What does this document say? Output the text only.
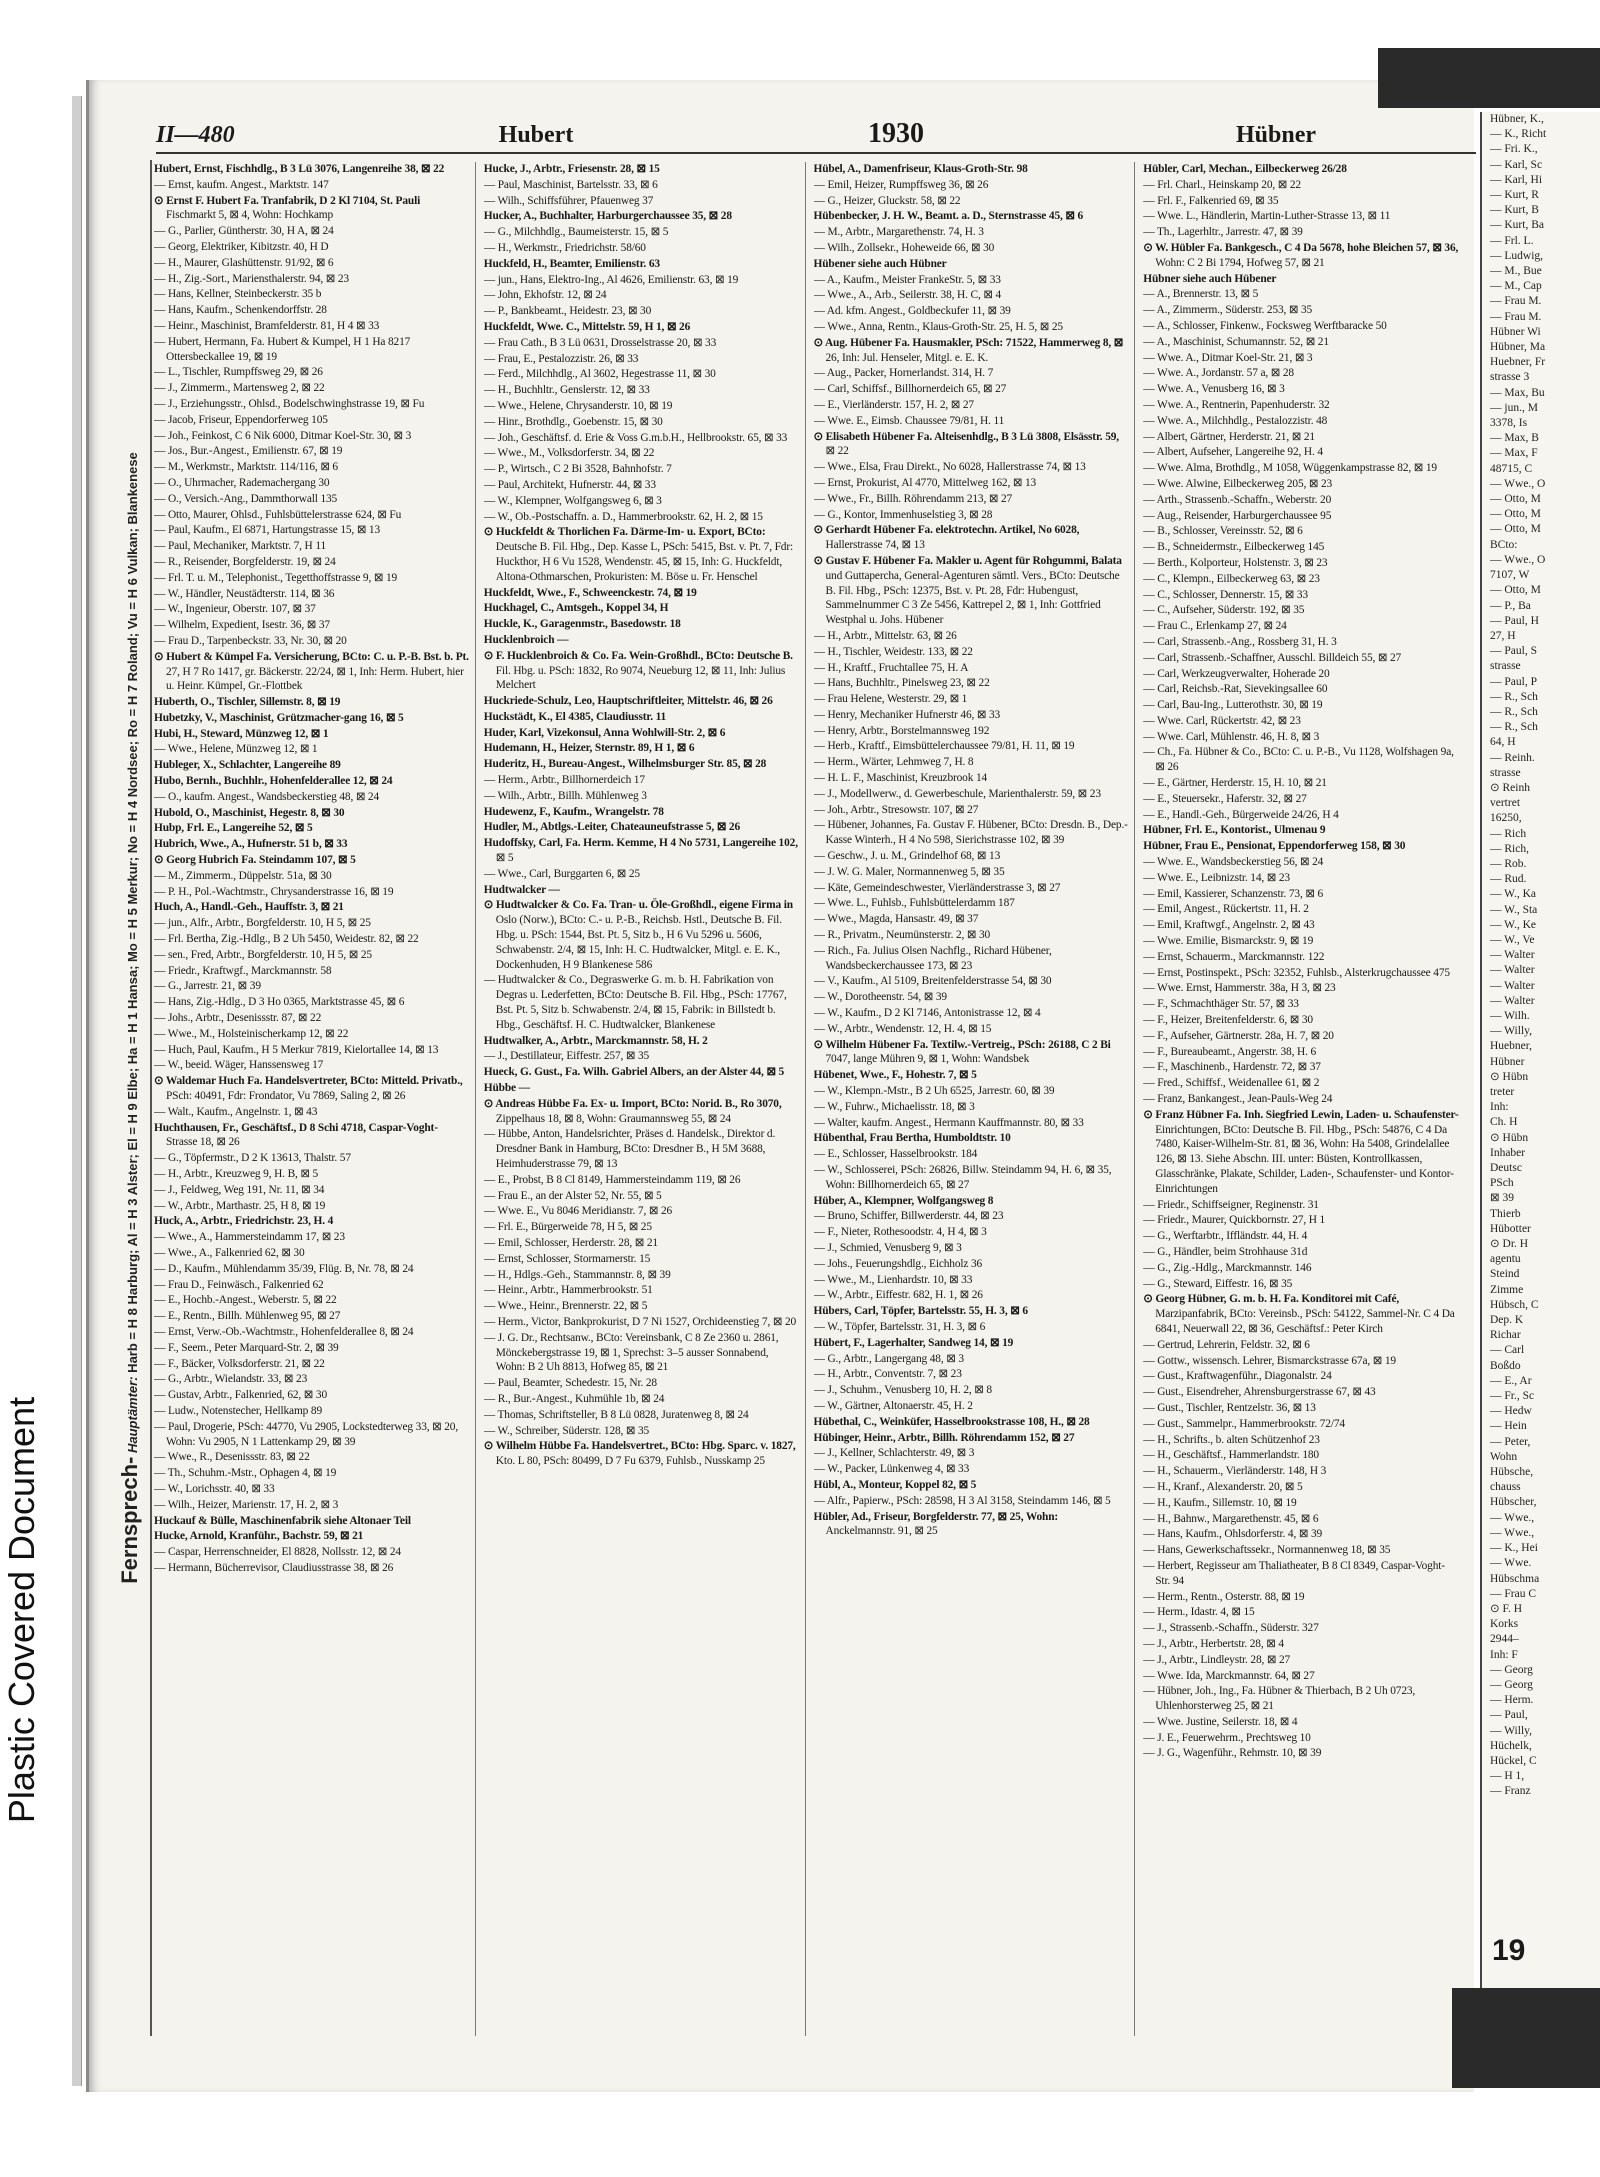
Plastic Covered Document
Hübner, K.,
— K., Richt
— Fri. K.,
— Karl, Sc
— Karl, Hi
— Kurt, R
— Kurt, B
— Kurt, Ba
— Frl. L.
— Ludwig,
— M., Bue
— M., Cap
— Frau M.
— Frau M.
Hübner Wi
Hübner, Ma
Huebner, Fr
strasse 3
— Max, Bu
— jun., M
3378, Is
— Max, B
— Max, F
48715, C
— Wwe., O
— Otto, M
— Otto, M
— Otto, M
BCto:
— Wwe., O
7107, W
— Otto, M
— P., Ba
— Paul, H
27, H
— Paul, S
strasse
— Paul, P
— R., Sch
— R., Sch
— R., Sch
64, H
— Reinh.
strasse
⊙ Reinh
vertret
16250,
— Rich
— Rich,
— Rob.
— Rud.
— W., Ka
— W., Sta
— W., Ke
— W., Ve
— Walter
— Walter
— Walter
— Walter
— Wilh.
— Willy,
Huebner,
Hübner
⊙ Hübn
treter
Inh:
Ch. H
⊙ Hübn
Inhaber
Deutsc
PSch
⊠ 39
Thierb
Hübotter
⊙ Dr. H
agentu
Steind
Zimme
Hübsch, C
Dep. K
Richar
— Carl
Boßdo
— E., Ar
— Fr., Sc
— Hedw
— Hein
— Peter,
Wohn
Hübsche,
chauss
Hübscher,
— Wwe.,
— Wwe.,
— K., Hei
— Wwe.
Hübschma
— Frau C
⊙ F. H
Korks
2944–
Inh: F
— Georg
— Georg
— Herm.
— Paul,
— Willy,
Hüchelk,
Hückel, C
— H 1,
— Franz
19
II—480	Hubert	1930	Hübner
Fernsprech- Hauptämter: Harb = H 8 Harburg; Al = H 3 Alster; El = H 9 Elbe; Ha = H 1 Hansa; Mo = H 5 Merkur; No = H 4 Nordsee; Ro = H 7 Roland; Vu = H 6 Vulkan; Blankenese
Hubert, Ernst, Fischhdlg., B 3 Lü 3076, Langenreihe 38, ⊠ 22
— Ernst, kaufm. Angest., Marktstr. 147
⊙ Ernst F. Hubert Fa. Tranfabrik, D 2 Kl 7104, St. Pauli Fischmarkt 5, ⊠ 4, Wohn: Hochkamp
— G., Parlier, Güntherstr. 30, H A, ⊠ 24
— Georg, Elektriker, Kibitzstr. 40, H D
— H., Maurer, Glashüttenstr. 91/92, ⊠ 6
— H., Zig.-Sort., Mariensthalerstr. 94, ⊠ 23
— Hans, Kellner, Steinbeckerstr. 35 b
— Hans, Kaufm., Schenkendorffstr. 28
— Heinr., Maschinist, Bramfelderstr. 81, H 4 ⊠ 33
— Hubert, Hermann, Fa. Hubert & Kumpel, H 1 Ha 8217 Ottersbeckallee 19, ⊠ 19
— L., Tischler, Rumpffsweg 29, ⊠ 26
— J., Zimmerm., Martensweg 2, ⊠ 22
— J., Erziehungsstr., Ohlsd., Bodelschwinghstrasse 19, ⊠ Fu
— Jacob, Friseur, Eppendorferweg 105
— Joh., Feinkost, C 6 Nik 6000, Ditmar Koel-Str. 30, ⊠ 3
— Jos., Bur.-Angest., Emilienstr. 67, ⊠ 19
— M., Werkmstr., Marktstr. 114/116, ⊠ 6
— O., Uhrmacher, Rademachergang 30
— O., Versich.-Ang., Dammthorwall 135
— Otto, Maurer, Ohlsd., Fuhlsbüttelerstrasse 624, ⊠ Fu
— Paul, Kaufm., El 6871, Hartungstrasse 15, ⊠ 13
— Paul, Mechaniker, Marktstr. 7, H 11
— R., Reisender, Borgfelderstr. 19, ⊠ 24
— Frl. T. u. M., Telephonist., Tegetthoffstrasse 9, ⊠ 19
— W., Händler, Neustädterstr. 114, ⊠ 36
— W., Ingenieur, Oberstr. 107, ⊠ 37
— Wilhelm, Expedient, Isestr. 36, ⊠ 37
— Frau D., Tarpenbeckstr. 33, Nr. 30, ⊠ 20
⊙ Hubert & Kümpel Fa. Versicherung, BCto: C. u. P.-B. Bst. b. Pt. 27, H 7 Ro 1417, gr. Bäckerstr. 22/24, ⊠ 1, Inh: Herm. Hubert, hier u. Heinr. Kümpel, Gr.-Flottbek
Huberth, O., Tischler, Sillemstr. 8, ⊠ 19
Hubetzky, V., Maschinist, Grützmacher-gang 16, ⊠ 5
Hubi, H., Steward, Münzweg 12, ⊠ 1
— Wwe., Helene, Münzweg 12, ⊠ 1
Hubleger, X., Schlachter, Langereihe 89
Hubo, Bernh., Buchhlr., Hohenfelderallee 12, ⊠ 24
— O., kaufm. Angest., Wandsbeckerstieg 48, ⊠ 24
Hubold, O., Maschinist, Hegestr. 8, ⊠ 30
Hubp, Frl. E., Langereihe 52, ⊠ 5
Hubrich, Wwe., A., Hufnerstr. 51 b, ⊠ 33
⊙ Georg Hubrich Fa. Steindamm 107, ⊠ 5
— M., Zimmerm., Düppelstr. 51a, ⊠ 30
— P. H., Pol.-Wachtmstr., Chrysanderstrasse 16, ⊠ 19
Huch, A., Handl.-Geh., Hauffstr. 3, ⊠ 21
— jun., Alfr., Arbtr., Borgfelderstr. 10, H 5, ⊠ 25
— Frl. Bertha, Zig.-Hdlg., B 2 Uh 5450, Weidestr. 82, ⊠ 22
— sen., Fred, Arbtr., Borgfelderstr. 10, H 5, ⊠ 25
— Friedr., Kraftwgf., Marckmannstr. 58
— G., Jarrestr. 21, ⊠ 39
— Hans, Zig.-Hdlg., D 3 Ho 0365, Marktstrasse 45, ⊠ 6
— Johs., Arbtr., Desenissstr. 87, ⊠ 22
— Wwe., M., Holsteinischerkamp 12, ⊠ 22
— Huch, Paul, Kaufm., H 5 Merkur 7819, Kielortallee 14, ⊠ 13
— W., beeid. Wäger, Hanssensweg 17
⊙ Waldemar Huch Fa. Handelsvertreter, BCto: Mitteld. Privatb., PSch: 40491, Fdr: Frondator, Vu 7869, Saling 2, ⊠ 26
— Walt., Kaufm., Angelnstr. 1, ⊠ 43
Huchthausen, Fr., Geschäftsf., D 8 Schi 4718, Caspar-Voght-Strasse 18, ⊠ 26
— G., Töpfermstr., D 2 K 13613, Thalstr. 57
— H., Arbtr., Kreuzweg 9, H. B, ⊠ 5
— J., Feldweg, Weg 191, Nr. 11, ⊠ 34
— W., Arbtr., Marthastr. 25, H 8, ⊠ 19
Huck, A., Arbtr., Friedrichstr. 23, H. 4
— Wwe., A., Hammersteindamm 17, ⊠ 23
— Wwe., A., Falkenried 62, ⊠ 30
— D., Kaufm., Mühlendamm 35/39, Flüg. B, Nr. 78, ⊠ 24
— Frau D., Feinwäsch., Falkenried 62
— E., Hochb.-Angest., Weberstr. 5, ⊠ 22
— E., Rentn., Billh. Mühlenweg 95, ⊠ 27
— Ernst, Verw.-Ob.-Wachtmstr., Hohenfelderallee 8, ⊠ 24
— F., Seem., Peter Marquard-Str. 2, ⊠ 39
— F., Bäcker, Volksdorferstr. 21, ⊠ 22
— G., Arbtr., Wielandstr. 33, ⊠ 23
— Gustav, Arbtr., Falkenried, 62, ⊠ 30
— Ludw., Notenstecher, Hellkamp 89
— Paul, Drogerie, PSch: 44770, Vu 2905, Lockstedterweg 33, ⊠ 20, Wohn: Vu 2905, N 1 Lattenkamp 29, ⊠ 39
— Wwe., R., Desenissstr. 83, ⊠ 22
— Th., Schuhm.-Mstr., Ophagen 4, ⊠ 19
— W., Lorichsstr. 40, ⊠ 33
— Wilh., Heizer, Marienstr. 17, H. 2, ⊠ 3
Huckauf & Bülle, Maschinenfabrik siehe Altonaer Teil
Hucke, Arnold, Kranführ., Bachstr. 59, ⊠ 21
— Caspar, Herrenschneider, El 8828, Nollsstr. 12, ⊠ 24
— Hermann, Bücherrevisor, Claudiusstrasse 38, ⊠ 26
Hucke, J., Arbtr., Friesenstr. 28, ⊠ 15
— Paul, Maschinist, Bartelsstr. 33, ⊠ 6
— Wilh., Schiffsführer, Pfauenweg 37
Hucker, A., Buchhalter, Harburgerchaussee 35, ⊠ 28
— G., Milchhdlg., Baumeisterstr. 15, ⊠ 5
— H., Werkmstr., Friedrichstr. 58/60
Huckfeld, H., Beamter, Emilienstr. 63
— jun., Hans, Elektro-Ing., Al 4626, Emilienstr. 63, ⊠ 19
— John, Ekhofstr. 12, ⊠ 24
— P., Bankbeamt., Heidestr. 23, ⊠ 30
Huckfeldt, Wwe. C., Mittelstr. 59, H 1, ⊠ 26
— Frau Cath., B 3 Lü 0631, Drosselstrasse 20, ⊠ 33
— Frau, E., Pestalozzistr. 26, ⊠ 33
— Ferd., Milchhdlg., Al 3602, Hegestrasse 11, ⊠ 30
— H., Buchhltr., Genslerstr. 12, ⊠ 33
— Wwe., Helene, Chrysanderstr. 10, ⊠ 19
— Hinr., Brothdlg., Goebenstr. 15, ⊠ 30
— Joh., Geschäftsf. d. Erie & Voss G.m.b.H., Hellbrookstr. 65, ⊠ 33
— Wwe., M., Volksdorferstr. 34, ⊠ 22
— P., Wirtsch., C 2 Bi 3528, Bahnhofstr. 7
— Paul, Architekt, Hufnerstr. 44, ⊠ 33
— W., Klempner, Wolfgangsweg 6, ⊠ 3
— W., Ob.-Postschaffn. a. D., Hammerbrookstr. 62, H. 2, ⊠ 15
⊙ Huckfeldt & Thorlichen Fa. Därme-Im- u. Export, BCto: Deutsche B. Fil. Hbg., Dep. Kasse L, PSch: 5415, Bst. v. Pt. 7, Fdr: Huckthor, H 6 Vu 1528, Wendenstr. 45, ⊠ 15, Inh: G. Huckfeldt, Altona-Othmarschen, Prokuristen: M. Böse u. Fr. Henschel
Huckfeldt, Wwe., F., Schweenckestr. 74, ⊠ 19
Huckhagel, C., Amtsgeh., Koppel 34, H
Huckle, K., Garagenmstr., Basedowstr. 18
Hucklenbroich —
⊙ F. Hucklenbroich & Co. Fa. Wein-Großhdl., BCto: Deutsche B. Fil. Hbg. u. PSch: 1832, Ro 9074, Neueburg 12, ⊠ 11, Inh: Julius Melchert
Huckriede-Schulz, Leo, Hauptschriftleiter, Mittelstr. 46, ⊠ 26
Huckstädt, K., El 4385, Claudiusstr. 11
Huder, Karl, Vizekonsul, Anna Wohlwill-Str. 2, ⊠ 6
Hudemann, H., Heizer, Sternstr. 89, H 1, ⊠ 6
Huderitz, H., Bureau-Angest., Wilhelmsburger Str. 85, ⊠ 28
— Herm., Arbtr., Billhornerdeich 17
— Wilh., Arbtr., Billh. Mühlenweg 3
Hudewenz, F., Kaufm., Wrangelstr. 78
Hudler, M., Abtlgs.-Leiter, Chateauneufstrasse 5, ⊠ 26
Hudoffsky, Carl, Fa. Herm. Kemme, H 4 No 5731, Langereihe 102, ⊠ 5
— Wwe., Carl, Burggarten 6, ⊠ 25
Hudtwalcker —
⊙ Hudtwalcker & Co. Fa. Tran- u. Öle-Großhdl., eigene Firma in Oslo (Norw.), BCto: C.- u. P.-B., Reichsb. Hstl., Deutsche B. Fil. Hbg. u. PSch: 1544, Bst. Pt. 5, Sitz b., H 6 Vu 5296 u. 5606, Schwabenstr. 2/4, ⊠ 15, Inh: H. C. Hudtwalcker, Mitgl. e. E. K., Dockenhuden, H 9 Blankenese 586
— Hudtwalcker & Co., Degraswerke G. m. b. H. Fabrikation von Degras u. Lederfetten, BCto: Deutsche B. Fil. Hbg., PSch: 17767, Bst. Pt. 5, Sitz b. Schwabenstr. 2/4, ⊠ 15, Fabrik: in Billstedt b. Hbg., Geschäftsf. H. C. Hudtwalcker, Blankenese
Hudtwalker, A., Arbtr., Marckmannstr. 58, H. 2
— J., Destillateur, Eiffestr. 257, ⊠ 35
Hueck, G. Gust., Fa. Wilh. Gabriel Albers, an der Alster 44, ⊠ 5
Hübbe —
⊙ Andreas Hübbe Fa. Ex- u. Import, BCto: Norid. B., Ro 3070, Zippelhaus 18, ⊠ 8, Wohn: Graumannsweg 55, ⊠ 24
— Hübbe, Anton, Handelsrichter, Präses d. Handelsk., Direktor d. Dresdner Bank in Hamburg, BCto: Dresdner B., H 5M 3688, Heimhuderstrasse 79, ⊠ 13
— E., Probst, B 8 Cl 8149, Hammersteindamm 119, ⊠ 26
— Frau E., an der Alster 52, Nr. 55, ⊠ 5
— Wwe. E., Vu 8046 Meridianstr. 7, ⊠ 26
— Frl. E., Bürgerweide 78, H 5, ⊠ 25
— Emil, Schlosser, Herderstr. 28, ⊠ 21
— Ernst, Schlosser, Stormarnerstr. 15
— H., Hdlgs.-Geh., Stammannstr. 8, ⊠ 39
— Heinr., Arbtr., Hammerbrookstr. 51
— Wwe., Heinr., Brennerstr. 22, ⊠ 5
— Herm., Victor, Bankprokurist, D 7 Ni 1527, Orchideenstieg 7, ⊠ 20
— J. G. Dr., Rechtsanw., BCto: Vereinsbank, C 8 Ze 2360 u. 2861, Mönckebergstrasse 19, ⊠ 1, Sprechst: 3–5 ausser Sonnabend, Wohn: B 2 Uh 8813, Hofweg 85, ⊠ 21
— Paul, Beamter, Schedestr. 15, Nr. 28
— R., Bur.-Angest., Kuhmühle 1b, ⊠ 24
— Thomas, Schriftsteller, B 8 Lü 0828, Juratenweg 8, ⊠ 24
— W., Schreiber, Süderstr. 128, ⊠ 35
⊙ Wilhelm Hübbe Fa. Handelsvertret., BCto: Hbg. Sparc. v. 1827, Kto. L 80, PSch: 80499, D 7 Fu 6379, Fuhlsb., Nusskamp 25
Hübel, A., Damenfriseur, Klaus-Groth-Str. 98
— Emil, Heizer, Rumpffsweg 36, ⊠ 26
— G., Heizer, Gluckstr. 58, ⊠ 22
Hübenbecker, J. H. W., Beamt. a. D., Sternstrasse 45, ⊠ 6
— M., Arbtr., Margarethenstr. 74, H. 3
— Wilh., Zollsekr., Hoheweide 66, ⊠ 30
Hübener siehe auch Hübner
— A., Kaufm., Meister FrankeStr. 5, ⊠ 33
— Wwe., A., Arb., Seilerstr. 38, H. C, ⊠ 4
— Ad. kfm. Angest., Goldbeckufer 11, ⊠ 39
— Wwe., Anna, Rentn., Klaus-Groth-Str. 25, H. 5, ⊠ 25
⊙ Aug. Hübener Fa. Hausmakler, PSch: 71522, Hammerweg 8, ⊠ 26, Inh: Jul. Henseler, Mitgl. e. E. K.
— Aug., Packer, Hornerlandst. 314, H. 7
— Carl, Schiffsf., Billhornerdeich 65, ⊠ 27
— E., Vierländerstr. 157, H. 2, ⊠ 27
— Wwe. E., Eimsb. Chaussee 79/81, H. 11
⊙ Elisabeth Hübener Fa. Alteisenhdlg., B 3 Lü 3808, Elsässtr. 59, ⊠ 22
— Wwe., Elsa, Frau Direkt., No 6028, Hallerstrasse 74, ⊠ 13
— Ernst, Prokurist, Al 4770, Mittelweg 162, ⊠ 13
— Wwe., Fr., Billh. Röhrendamm 213, ⊠ 27
— G., Kontor, Immenhuselstieg 3, ⊠ 28
⊙ Gerhardt Hübener Fa. elektrotechn. Artikel, No 6028, Hallerstrasse 74, ⊠ 13
⊙ Gustav F. Hübener Fa. Makler u. Agent für Rohgummi, Balata und Guttapercha, General-Agenturen sämtl. Vers., BCto: Deutsche B. Fil. Hbg., PSch: 12375, Bst. v. Pt. 28, Fdr: Hubengust, Sammelnummer C 3 Ze 5456, Kattrepel 2, ⊠ 1, Inh: Gottfried Westphal u. Johs. Hübener
— H., Arbtr., Mittelstr. 63, ⊠ 26
— H., Tischler, Weidestr. 133, ⊠ 22
— H., Kraftf., Fruchtallee 75, H. A
— Hans, Buchhltr., Pinelsweg 23, ⊠ 22
— Frau Helene, Westerstr. 29, ⊠ 1
— Henry, Mechaniker Hufnerstr 46, ⊠ 33
— Henry, Arbtr., Borstelmannsweg 192
— Herb., Kraftf., Eimsbüttelerchaussee 79/81, H. 11, ⊠ 19
— Herm., Wärter, Lehmweg 7, H. 8
— H. L. F., Maschinist, Kreuzbrook 14
— J., Modellwerw., d. Gewerbeschule, Marienthalerstr. 59, ⊠ 23
— Joh., Arbtr., Stresowstr. 107, ⊠ 27
— Hübener, Johannes, Fa. Gustav F. Hübener, BCto: Dresdn. B., Dep.-Kasse Winterh., H 4 No 598, Sierichstrasse 102, ⊠ 39
— Geschw., J. u. M., Grindelhof 68, ⊠ 13
— J. W. G. Maler, Normannenweg 5, ⊠ 35
— Käte, Gemeindeschwester, Vierländerstrasse 3, ⊠ 27
— Wwe. L., Fuhlsb., Fuhlsbüttelerdamm 187
— Wwe., Magda, Hansastr. 49, ⊠ 37
— R., Privatm., Neumünsterstr. 2, ⊠ 30
— Rich., Fa. Julius Olsen Nachflg., Richard Hübener, Wandsbeckerchaussee 173, ⊠ 23
— V., Kaufm., Al 5109, Breitenfelderstrasse 54, ⊠ 30
— W., Dorotheenstr. 54, ⊠ 39
— W., Kaufm., D 2 Kl 7146, Antonistrasse 12, ⊠ 4
— W., Arbtr., Wendenstr. 12, H. 4, ⊠ 15
⊙ Wilhelm Hübener Fa. Textilw.-Vertreig., PSch: 26188, C 2 Bi 7047, lange Mühren 9, ⊠ 1, Wohn: Wandsbek
Hübenet, Wwe., F., Hohestr. 7, ⊠ 5
— W., Klempn.-Mstr., B 2 Uh 6525, Jarrestr. 60, ⊠ 39
— W., Fuhrw., Michaelisstr. 18, ⊠ 3
— Walter, kaufm. Angest., Hermann Kauffmannstr. 80, ⊠ 33
Hübenthal, Frau Bertha, Humboldtstr. 10
— E., Schlosser, Hasselbrookstr. 184
— W., Schlosserei, PSch: 26826, Billw. Steindamm 94, H. 6, ⊠ 35, Wohn: Billhornerdeich 65, ⊠ 27
Hüber, A., Klempner, Wolfgangsweg 8
— Bruno, Schiffer, Billwerderstr. 44, ⊠ 23
— F., Nieter, Rothesoodstr. 4, H 4, ⊠ 3
— J., Schmied, Venusberg 9, ⊠ 3
— Johs., Feuerungshdlg., Eichholz 36
— Wwe., M., Lienhardstr. 10, ⊠ 33
— W., Arbtr., Eiffestr. 682, H. 1, ⊠ 26
Hübers, Carl, Töpfer, Bartelsstr. 55, H. 3, ⊠ 6
— W., Töpfer, Bartelsstr. 31, H. 3, ⊠ 6
Hübert, F., Lagerhalter, Sandweg 14, ⊠ 19
— G., Arbtr., Langergang 48, ⊠ 3
— H., Arbtr., Conventstr. 7, ⊠ 23
— J., Schuhm., Venusberg 10, H. 2, ⊠ 8
— W., Gärtner, Altonaerstr. 45, H. 2
Hübethal, C., Weinküfer, Hasselbrookstrasse 108, H., ⊠ 28
Hübinger, Heinr., Arbtr., Billh. Röhrendamm 152, ⊠ 27
— J., Kellner, Schlachterstr. 49, ⊠ 3
— W., Packer, Lünkenweg 4, ⊠ 33
Hübl, A., Monteur, Koppel 82, ⊠ 5
— Alfr., Papierw., PSch: 28598, H 3 Al 3158, Steindamm 146, ⊠ 5
Hübler, Ad., Friseur, Borgfelderstr. 77, ⊠ 25, Wohn: Anckelmannstr. 91, ⊠ 25
Hübler, Carl, Mechan., Eilbeckerweg 26/28
— Frl. Charl., Heinskamp 20, ⊠ 22
— Frl. F., Falkenried 69, ⊠ 35
— Wwe. L., Händlerin, Martin-Luther-Strasse 13, ⊠ 11
— Th., Lagerhltr., Jarrestr. 47, ⊠ 39
⊙ W. Hübler Fa. Bankgesch., C 4 Da 5678, hohe Bleichen 57, ⊠ 36, Wohn: C 2 Bi 1794, Hofweg 57, ⊠ 21
Hübner siehe auch Hübener
— A., Brennerstr. 13, ⊠ 5
— A., Zimmerm., Süderstr. 253, ⊠ 35
— A., Schlosser, Finkenw., Focksweg Werftbaracke 50
— A., Maschinist, Schumannstr. 52, ⊠ 21
— Wwe. A., Ditmar Koel-Str. 21, ⊠ 3
— Wwe. A., Jordanstr. 57 a, ⊠ 28
— Wwe. A., Venusberg 16, ⊠ 3
— Wwe. A., Rentnerin, Papenhuderstr. 32
— Wwe. A., Milchhdlg., Pestalozzistr. 48
— Albert, Gärtner, Herderstr. 21, ⊠ 21
— Albert, Aufseher, Langereihe 92, H. 4
— Wwe. Alma, Brothdlg., M 1058, Wüggenkampstrasse 82, ⊠ 19
— Wwe. Alwine, Eilbeckerweg 205, ⊠ 23
— Arth., Strassenb.-Schaffn., Weberstr. 20
— Aug., Reisender, Harburgerchaussee 95
— B., Schlosser, Vereinsstr. 52, ⊠ 6
— B., Schneidermstr., Eilbeckerweg 145
— Berth., Kolporteur, Holstenstr. 3, ⊠ 23
— C., Klempn., Eilbeckerweg 63, ⊠ 23
— C., Schlosser, Dennerstr. 15, ⊠ 33
— C., Aufseher, Süderstr. 192, ⊠ 35
— Frau C., Erlenkamp 27, ⊠ 24
— Carl, Strassenb.-Ang., Rossberg 31, H. 3
— Carl, Strassenb.-Schaffner, Ausschl. Billdeich 55, ⊠ 27
— Carl, Werkzeugverwalter, Hoherade 20
— Carl, Reichsb.-Rat, Sievekingsallee 60
— Carl, Bau-Ing., Lutterothstr. 30, ⊠ 19
— Wwe. Carl, Rückertstr. 42, ⊠ 23
— Wwe. Carl, Mühlenstr. 46, H. 8, ⊠ 3
— Ch., Fa. Hübner & Co., BCto: C. u. P.-B., Vu 1128, Wolfshagen 9a, ⊠ 26
— E., Gärtner, Herderstr. 15, H. 10, ⊠ 21
— E., Steuersekr., Haferstr. 32, ⊠ 27
— E., Handl.-Geh., Bürgerweide 24/26, H 4
Hübner, Frl. E., Kontorist., Ulmenau 9
Hübner, Frau E., Pensionat, Eppendorferweg 158, ⊠ 30
— Wwe. E., Wandsbeckerstieg 56, ⊠ 24
— Wwe. E., Leibnizstr. 14, ⊠ 23
— Emil, Kassierer, Schanzenstr. 73, ⊠ 6
— Emil, Angest., Rückertstr. 11, H. 2
— Emil, Kraftwgf., Angelnstr. 2, ⊠ 43
— Wwe. Emilie, Bismarckstr. 9, ⊠ 19
— Ernst, Schauerm., Marckmannstr. 122
— Ernst, Postinspekt., PSch: 32352, Fuhlsb., Alsterkrugchaussee 475
— Wwe. Ernst, Hammerstr. 38a, H 3, ⊠ 23
— F., Schmachthäger Str. 57, ⊠ 33
— F., Heizer, Breitenfelderstr. 6, ⊠ 30
— F., Aufseher, Gärtnerstr. 28a, H. 7, ⊠ 20
— F., Bureaubeamt., Angerstr. 38, H. 6
— F., Maschinenb., Hardenstr. 72, ⊠ 37
— Fred., Schiffsf., Weidenallee 61, ⊠ 2
— Franz, Bankangest., Jean-Pauls-Weg 24
⊙ Franz Hübner Fa. Inh. Siegfried Lewin, Laden- u. Schaufenster-Einrichtungen, BCto: Deutsche B. Fil. Hbg., PSch: 54876, C 4 Da 7480, Kaiser-Wilhelm-Str. 81, ⊠ 36, Wohn: Ha 5408, Grindelallee 126, ⊠ 13. Siehe Abschn. III. unter: Büsten, Kontrollkassen, Glasschränke, Plakate, Schilder, Laden-, Schaufenster- und Kontor-Einrichtungen
— Friedr., Schiffseigner, Reginenstr. 31
— Friedr., Maurer, Quickbornstr. 27, H 1
— G., Werftarbtr., Iffländstr. 44, H. 4
— G., Händler, beim Strohhause 31d
— G., Zig.-Hdlg., Marckmannstr. 146
— G., Steward, Eiffestr. 16, ⊠ 35
⊙ Georg Hübner, G. m. b. H. Fa. Konditorei mit Café, Marzipanfabrik, BCto: Vereinsb., PSch: 54122, Sammel-Nr. C 4 Da 6841, Neuerwall 22, ⊠ 36, Geschäftsf.: Peter Kirch
— Gertrud, Lehrerin, Feldstr. 32, ⊠ 6
— Gottw., wissensch. Lehrer, Bismarckstrasse 67a, ⊠ 19
— Gust., Kraftwagenführ., Diagonalstr. 24
— Gust., Eisendreher, Ahrensburgerstrasse 67, ⊠ 43
— Gust., Tischler, Rentzelstr. 36, ⊠ 13
— Gust., Sammelpr., Hammerbrookstr. 72/74
— H., Schrifts., b. alten Schützenhof 23
— H., Geschäftsf., Hammerlandstr. 180
— H., Schauerm., Vierländerstr. 148, H 3
— H., Kranf., Alexanderstr. 20, ⊠ 5
— H., Kaufm., Sillemstr. 10, ⊠ 19
— H., Bahnw., Margarethenstr. 45, ⊠ 6
— Hans, Kaufm., Ohlsdorferstr. 4, ⊠ 39
— Hans, Gewerkschaftssekr., Normannenweg 18, ⊠ 35
— Herbert, Regisseur am Thaliatheater, B 8 Cl 8349, Caspar-Voght-Str. 94
— Herm., Rentn., Osterstr. 88, ⊠ 19
— Herm., Idastr. 4, ⊠ 15
— J., Strassenb.-Schaffn., Süderstr. 327
— J., Arbtr., Herbertstr. 28, ⊠ 4
— J., Arbtr., Lindleystr. 28, ⊠ 27
— Wwe. Ida, Marckmannstr. 64, ⊠ 27
— Hübner, Joh., Ing., Fa. Hübner & Thierbach, B 2 Uh 0723, Uhlenhorsterweg 25, ⊠ 21
— Wwe. Justine, Seilerstr. 18, ⊠ 4
— J. E., Feuerwehrm., Prechtsweg 10
— J. G., Wagenführ., Rehmstr. 10, ⊠ 39
